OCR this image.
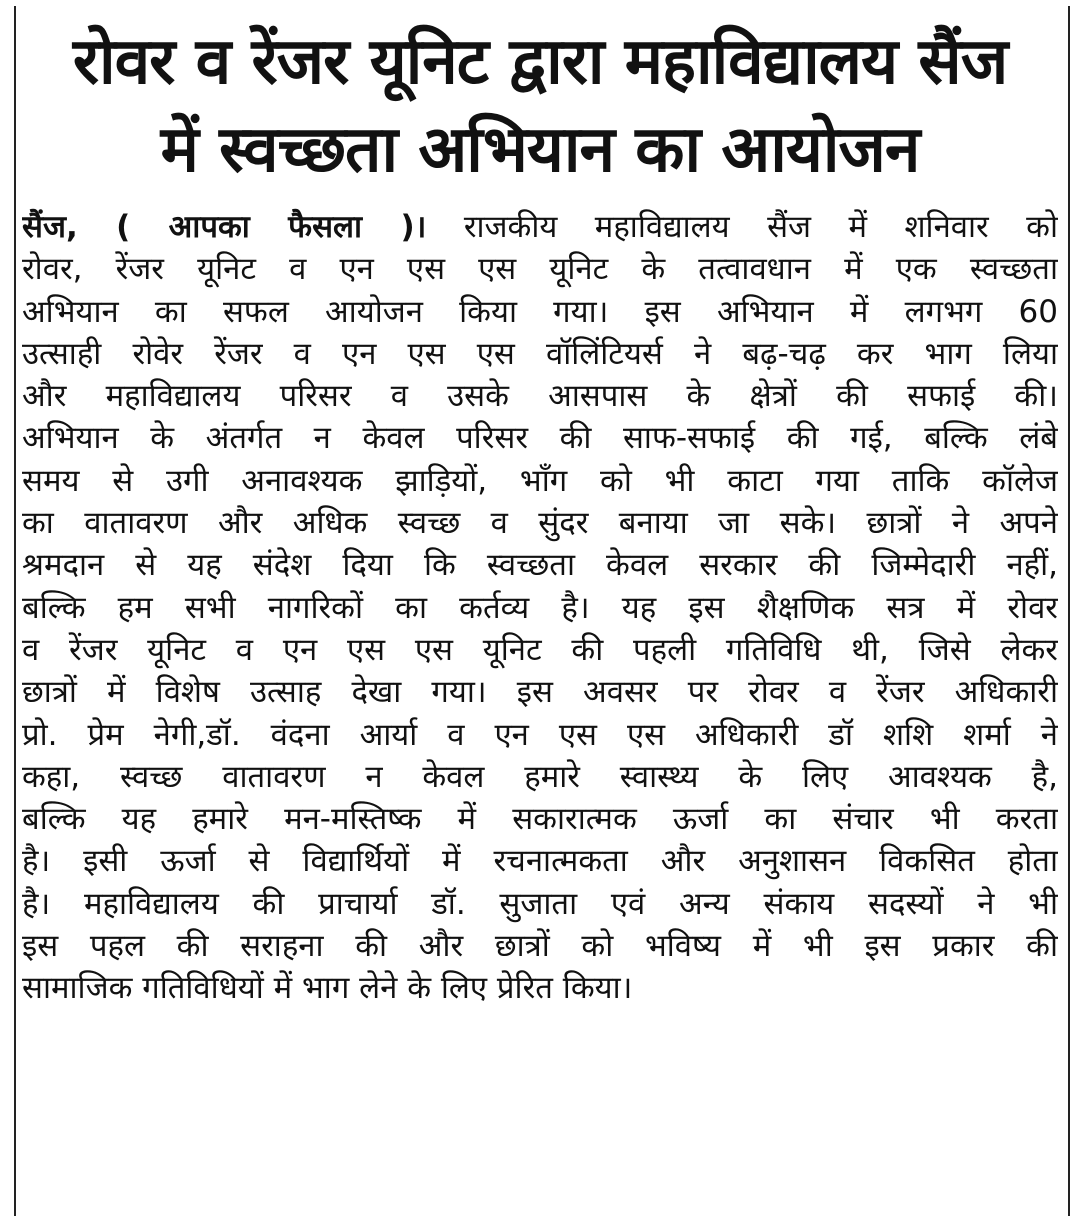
रोवर व रेंजर यूनिट द्वारा महाविद्यालय सैंज
में स्वच्छता अभियान का आयोजन
सैंज, ( आपका फैसला )। राजकीय महाविद्यालय सैंज में शनिवार को
रोवर, रेंजर यूनिट व एन एस एस यूनिट के तत्वावधान में एक स्वच्छता
अभियान का सफल आयोजन किया गया। इस अभियान में लगभग 60
उत्साही रोवेर रेंजर व एन एस एस वॉलिंटियर्स ने बढ़-चढ़ कर भाग लिया
और महाविद्यालय परिसर व उसके आसपास के क्षेत्रों की सफाई की।
अभियान के अंतर्गत न केवल परिसर की साफ-सफाई की गई, बल्कि लंबे
समय से उगी अनावश्यक झाड़ियों, भाँग को भी काटा गया ताकि कॉलेज
का वातावरण और अधिक स्वच्छ व सुंदर बनाया जा सके। छात्रों ने अपने
श्रमदान से यह संदेश दिया कि स्वच्छता केवल सरकार की जिम्मेदारी नहीं,
बल्कि हम सभी नागरिकों का कर्तव्य है। यह इस शैक्षणिक सत्र में रोवर
व रेंजर यूनिट व एन एस एस यूनिट की पहली गतिविधि थी, जिसे लेकर
छात्रों में विशेष उत्साह देखा गया। इस अवसर पर रोवर व रेंजर अधिकारी
प्रो. प्रेम नेगी,डॉ. वंदना आर्या व एन एस एस अधिकारी डॉ शशि शर्मा ने
कहा, स्वच्छ वातावरण न केवल हमारे स्वास्थ्य के लिए आवश्यक है,
बल्कि यह हमारे मन-मस्तिष्क में सकारात्मक ऊर्जा का संचार भी करता
है। इसी ऊर्जा से विद्यार्थियों में रचनात्मकता और अनुशासन विकसित होता
है। महाविद्यालय की प्राचार्या डॉ. सुजाता एवं अन्य संकाय सदस्यों ने भी
इस पहल की सराहना की और छात्रों को भविष्य में भी इस प्रकार की
सामाजिक गतिविधियों में भाग लेने के लिए प्रेरित किया।
